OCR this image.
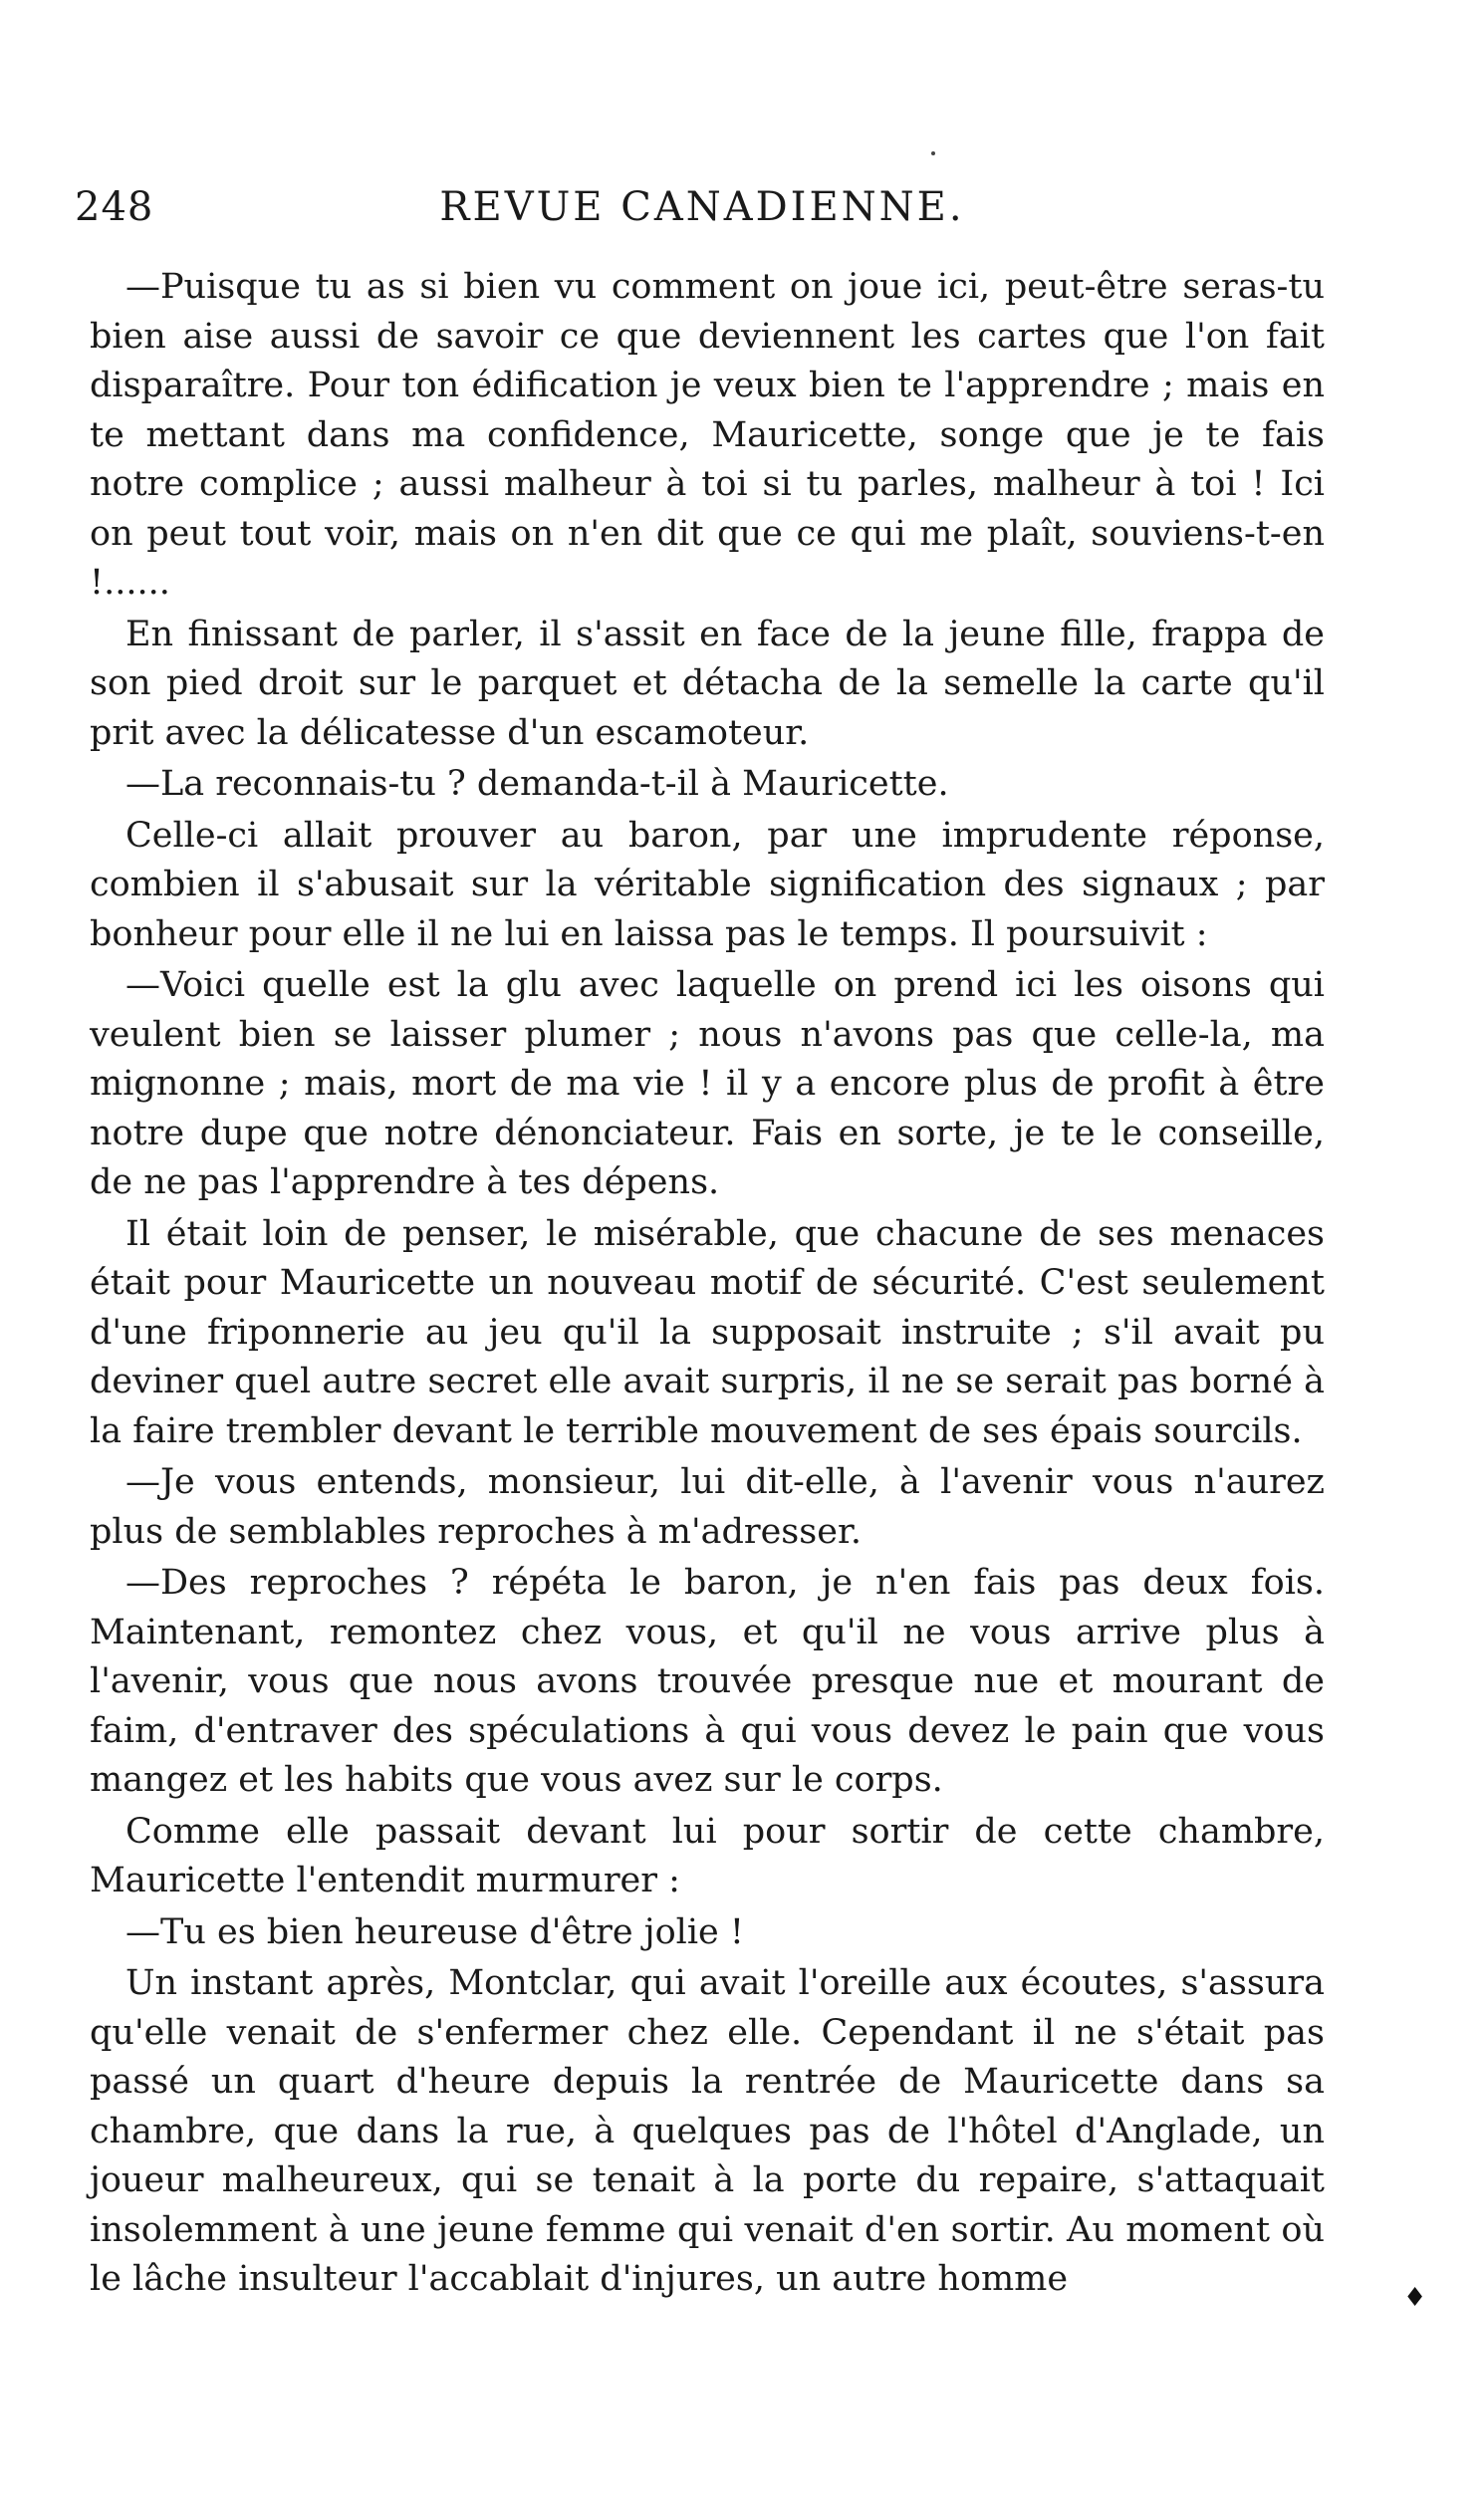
248	REVUE CANADIENNE.

—Puisque tu as si bien vu comment on joue ici, peut-être seras-tu bien aise aussi de savoir ce que deviennent les cartes que l'on fait disparaître. Pour ton édification je veux bien te l'apprendre ; mais en te mettant dans ma confidence, Mauricette, songe que je te fais notre complice ; aussi malheur à toi si tu parles, malheur à toi ! Ici on peut tout voir, mais on n'en dit que ce qui me plaît, souviens-t-en !......

En finissant de parler, il s'assit en face de la jeune fille, frappa de son pied droit sur le parquet et détacha de la semelle la carte qu'il prit avec la délicatesse d'un escamoteur.

—La reconnais-tu ? demanda-t-il à Mauricette.

Celle-ci allait prouver au baron, par une imprudente réponse, combien il s'abusait sur la véritable signification des signaux ; par bonheur pour elle il ne lui en laissa pas le temps. Il poursuivit :

—Voici quelle est la glu avec laquelle on prend ici les oisons qui veulent bien se laisser plumer ; nous n'avons pas que celle-la, ma mignonne ; mais, mort de ma vie ! il y a encore plus de profit à être notre dupe que notre dénonciateur. Fais en sorte, je te le conseille, de ne pas l'apprendre à tes dépens.

Il était loin de penser, le misérable, que chacune de ses menaces était pour Mauricette un nouveau motif de sécurité. C'est seulement d'une friponnerie au jeu qu'il la supposait instruite ; s'il avait pu deviner quel autre secret elle avait surpris, il ne se serait pas borné à la faire trembler devant le terrible mouvement de ses épais sourcils.

—Je vous entends, monsieur, lui dit-elle, à l'avenir vous n'aurez plus de semblables reproches à m'adresser.

—Des reproches ? répéta le baron, je n'en fais pas deux fois. Maintenant, remontez chez vous, et qu'il ne vous arrive plus à l'avenir, vous que nous avons trouvée presque nue et mourant de faim, d'entraver des spéculations à qui vous devez le pain que vous mangez et les habits que vous avez sur le corps.

Comme elle passait devant lui pour sortir de cette chambre, Mauricette l'entendit murmurer :

—Tu es bien heureuse d'être jolie !

Un instant après, Montclar, qui avait l'oreille aux écoutes, s'assura qu'elle venait de s'enfermer chez elle. Cependant il ne s'était pas passé un quart d'heure depuis la rentrée de Mauricette dans sa chambre, que dans la rue, à quelques pas de l'hôtel d'Anglade, un joueur malheureux, qui se tenait à la porte du repaire, s'attaquait insolemment à une jeune femme qui venait d'en sortir. Au moment où le lâche insulteur l'accablait d'injures, un autre homme	♦
